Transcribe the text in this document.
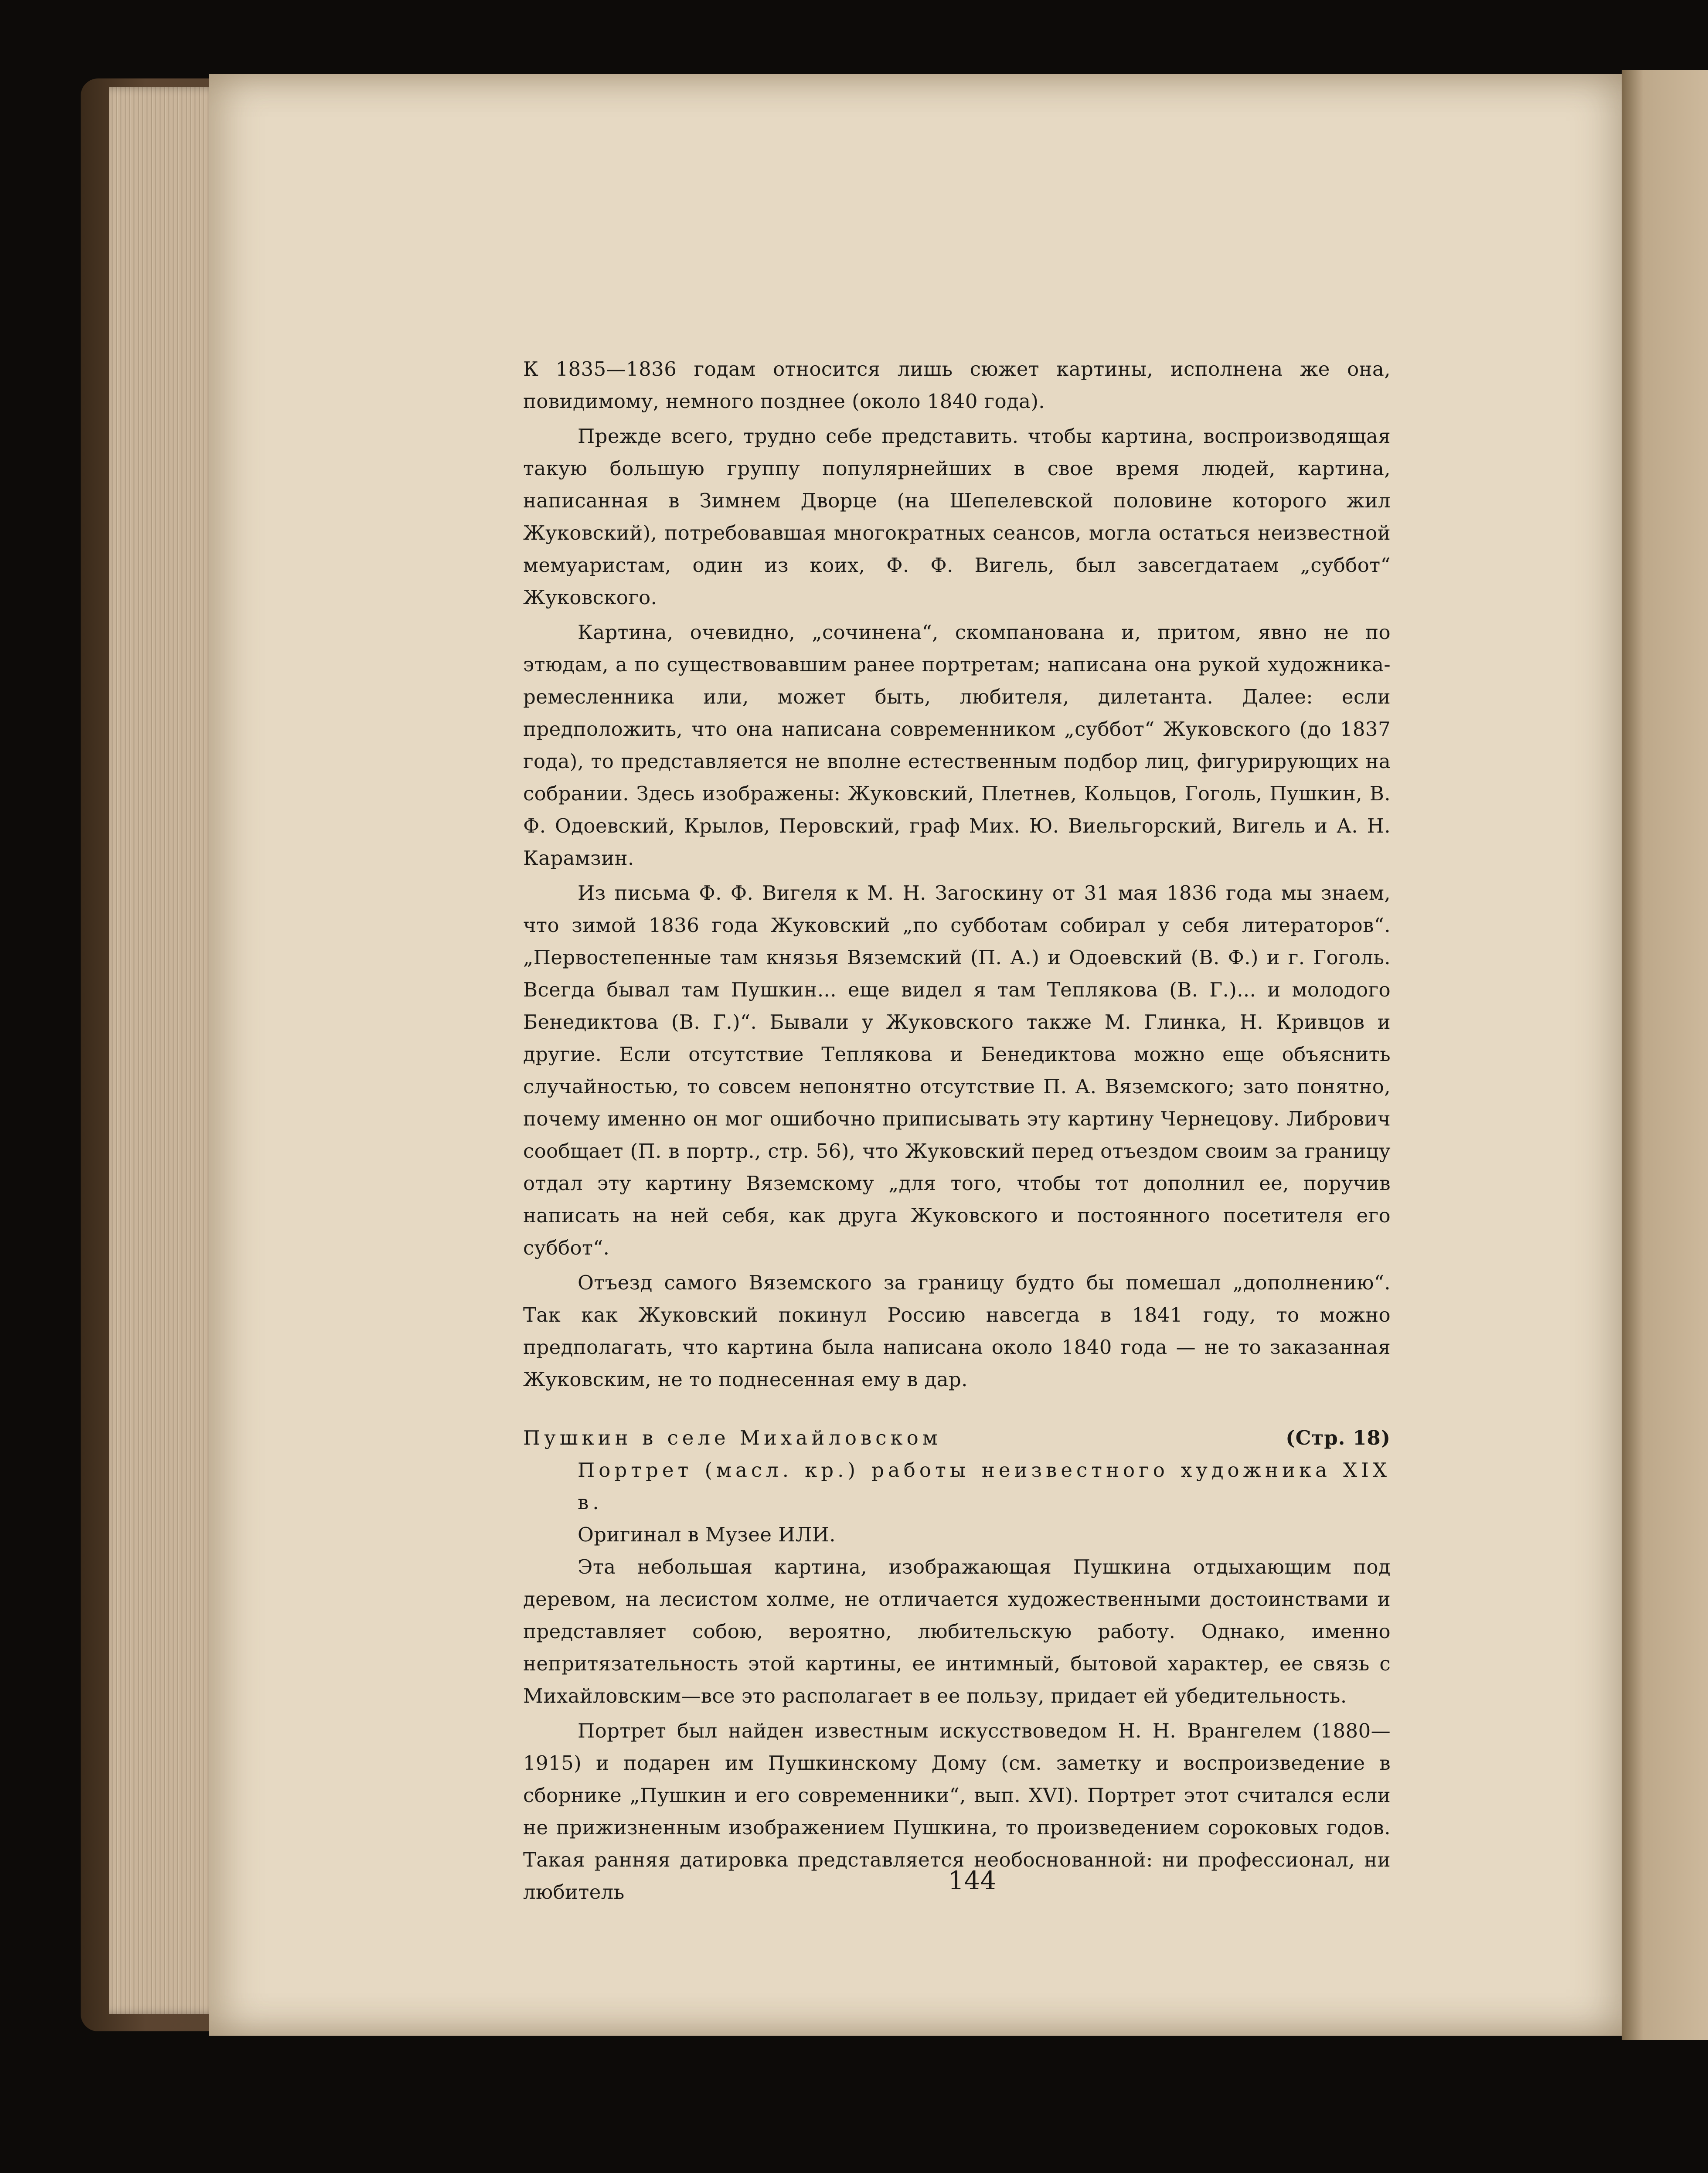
К 1835—1836 годам относится лишь сюжет картины, исполнена же она, повидимому, немного позднее (около 1840 года).

Прежде всего, трудно себе представить. чтобы картина, воспроизводящая такую большую группу популярнейших в свое время людей, картина, написанная в Зимнем Дворце (на Шепелевской половине которого жил Жуковский), потребовавшая многократных сеансов, могла остаться неизвестной мемуаристам, один из коих, Ф. Ф. Вигель, был завсегдатаем „суббот“ Жуковского.

Картина, очевидно, „сочинена“, скомпанована и, притом, явно не по этюдам, а по существовавшим ранее портретам; написана она рукой художника-ремесленника или, может быть, любителя, дилетанта. Далее: если предположить, что она написана современником „суббот“ Жуковского (до 1837 года), то представляется не вполне естественным подбор лиц, фигурирующих на собрании. Здесь изображены: Жуковский, Плетнев, Кольцов, Гоголь, Пушкин, В. Ф. Одоевский, Крылов, Перовский, граф Мих. Ю. Виельгорский, Вигель и А. Н. Карамзин.

Из письма Ф. Ф. Вигеля к М. Н. Загоскину от 31 мая 1836 года мы знаем, что зимой 1836 года Жуковский „по субботам собирал у себя литераторов“. „Первостепенные там князья Вяземский (П. А.) и Одоевский (В. Ф.) и г. Гоголь. Всегда бывал там Пушкин... еще видел я там Теплякова (В. Г.)... и молодого Бенедиктова (В. Г.)“. Бывали у Жуковского также М. Глинка, Н. Кривцов и другие. Если отсутствие Теплякова и Бенедиктова можно еще объяснить случайностью, то совсем непонятно отсутствие П. А. Вяземского; зато понятно, почему именно он мог ошибочно приписывать эту картину Чернецову. Либрович сообщает (П. в портр., стр. 56), что Жуковский перед отъездом своим за границу отдал эту картину Вяземскому „для того, чтобы тот дополнил ее, поручив написать на ней себя, как друга Жуковского и постоянного посетителя его суббот“.

Отъезд самого Вяземского за границу будто бы помешал „дополнению“. Так как Жуковский покинул Россию навсегда в 1841 году, то можно предполагать, что картина была написана около 1840 года — не то заказанная Жуковским, не то поднесенная ему в дар.

Пушкин в селе Михайловском	(Стр. 18)

Портрет (масл. кр.) работы неизвестного художника XIX в.

Оригинал в Музее ИЛИ.

Эта небольшая картина, изображающая Пушкина отдыхающим под деревом, на лесистом холме, не отличается художественными достоинствами и представляет собою, вероятно, любительскую работу. Однако, именно непритязательность этой картины, ее интимный, бытовой характер, ее связь с Михайловским—все это располагает в ее пользу, придает ей убедительность.

Портрет был найден известным искусствоведом Н. Н. Врангелем (1880—1915) и подарен им Пушкинскому Дому (см. заметку и воспроизведение в сборнике „Пушкин и его современники“, вып. XVI). Портрет этот считался если не прижизненным изображением Пушкина, то произведением сороковых годов. Такая ранняя датировка представляется необоснованной: ни профессионал, ни любитель	144
